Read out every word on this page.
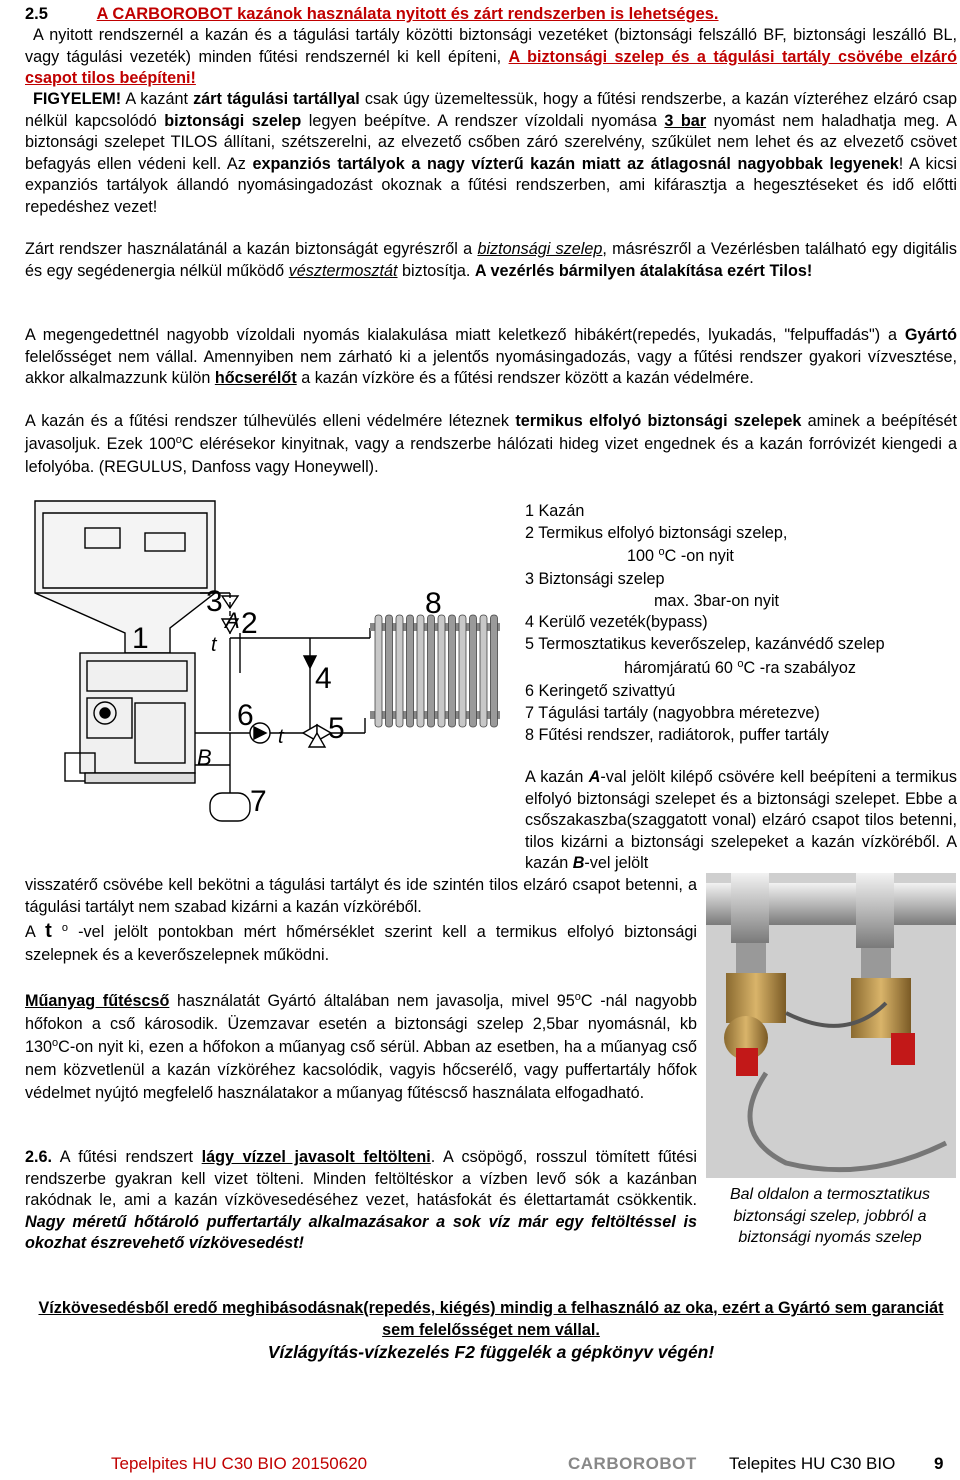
2.5	A CARBOROBOT kazánok használata nyitott és zárt rendszerben is lehetséges.

A nyitott rendszernél a kazán és a tágulási tartály közötti biztonsági vezetéket (biztonsági felszálló BF, biztonsági leszálló BL, vagy tágulási vezeték) minden fűtési rendszernél ki kell építeni, A biztonsági szelep és a tágulási tartály csövébe elzáró csapot tilos beépíteni!

FIGYELEM! A kazánt zárt tágulási tartállyal csak úgy üzemeltessük, hogy a fűtési rendszerbe, a kazán vízteréhez elzáró csap nélkül kapcsolódó biztonsági szelep legyen beépítve. A rendszer vízoldali nyomása 3 bar nyomást nem haladhatja meg. A biztonsági szelepet TILOS állítani, szétszerelni, az elvezető csőben záró szerelvény, szűkület nem lehet és az elvezető csövet befagyás ellen védeni kell. Az expanziós tartályok a nagy vízterű kazán miatt az átlagosnál nagyobbak legyenek! A kicsi expanziós tartályok állandó nyomásingadozást okoznak a fűtési rendszerben, ami kifárasztja a hegesztéseket és idő előtti repedéshez vezet!

Zárt rendszer használatánál a kazán biztonságát egyrészről a biztonsági szelep, másrészről a Vezérlésben található egy digitális és egy segédenergia nélkül működő vésztermosztát biztosítja. A vezérlés bármilyen átalakítása ezért Tilos!

A megengedettnél nagyobb vízoldali nyomás kialakulása miatt keletkező hibákért(repedés, lyukadás, "felpuffadás") a Gyártó felelősséget nem vállal. Amennyiben nem zárható ki a jelentős nyomásingadozás, vagy a fűtési rendszer gyakori vízvesztése, akkor alkalmazzunk külön hőcserélőt a kazán vízköre és a fűtési rendszer között a kazán védelmére.

A kazán és a fűtési rendszer túlhevülés elleni védelmére léteznek termikus elfolyó biztonsági szelepek aminek a beépítését javasoljuk. Ezek 100$^o$C elérésekor kinyitnak, vagy a rendszerbe hálózati hideg vizet engednek és a kazán forróvizét kiengedi a lefolyóba. (REGULUS, Danfoss vagy Honeywell).

1	2
3
4
5
6
7
8
A
B
t
t
1 Kazán
2 Termikus elfolyó biztonsági szelep,
100 $^o$C -on nyit
3 Biztonsági szelep
max. 3bar-on nyit
4 Kerülő vezeték(bypass)
5 Termosztatikus keverőszelep, kazánvédő szelep
háromjáratú 60 $^o$C -ra szabályoz
6 Keringető szivattyú
7 Tágulási tartály (nagyobbra méretezve)
8 Fűtési rendszer, radiátorok, puffer tartály

A kazán A-val jelölt kilépő csövére kell beépíteni a termikus elfolyó biztonsági szelepet és a biztonsági szelepet. Ebbe a csőszakaszba(szaggatott vonal) elzáró csapot tilos betenni, tilos kizárni a biztonsági szelepeket a kazán vízköréből. A kazán B-vel jelölt

visszatérő csövébe kell bekötni a tágulási tartályt és ide szintén tilos elzáró csapot betenni, a tágulási tartályt nem szabad kizárni a kazán vízköréből.

A t $^o$ -vel jelölt pontokban mért hőmérséklet szerint kell a termikus elfolyó biztonsági szelepnek és a keverőszelepnek működni.

Műanyag fűtéscső használatát Gyártó általában nem javasolja, mivel 95$^o$C -nál nagyobb hőfokon a cső károsodik. Üzemzavar esetén a biztonsági szelep 2,5bar nyomásnál, kb 130$^o$C-on nyit ki, ezen a hőfokon a műanyag cső sérül. Abban az esetben, ha a műanyag cső nem közvetlenül a kazán vízköréhez kacsolódik, vagyis hőcserélő, vagy puffertartály hőfok védelmet nyújtó megfelelő használatakor a műanyag fűtéscső használata elfogadható.

Bal oldalon a termosztatikus biztonsági szelep, jobbról a biztonsági nyomás szelep

2.6. A fűtési rendszert lágy vízzel javasolt feltölteni. A csöpögő, rosszul tömített fűtési rendszerbe gyakran kell vizet tölteni. Minden feltöltéskor a vízben levő sók a kazánban rakódnak le, ami a kazán vízkövesedéséhez vezet, hatásfokát és élettartamát csökkentik. Nagy méretű hőtároló puffertartály alkalmazásakor a sok víz már egy feltöltéssel is okozhat észrevehető vízkövesedést!

Vízkövesedésből eredő meghibásodásnak(repedés, kiégés) mindig a felhasználó az oka, ezért a Gyártó sem garanciát sem felelősséget nem vállal.
Vízlágyítás-vízkezelés F2 függelék a gépkönyv végén!
Tepelpites HU C30 BIO 20150620	CARBOROBOT Telepites HU C30 BIO 9
